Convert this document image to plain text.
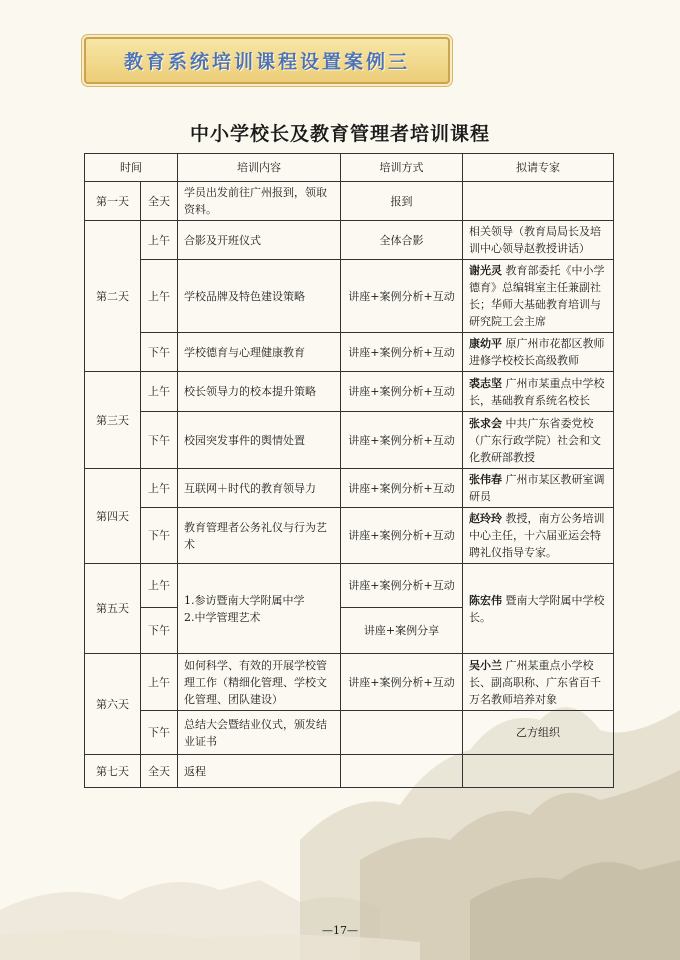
教育系统培训课程设置案例三
中小学校长及教育管理者培训课程
时间		培训内容	培训方式	拟请专家
第一天	全天	学员出发前往广州报到，领取资料。	报到	
第二天	上午	合影及开班仪式	全体合影	相关领导（教育局局长及培训中心领导赵教授讲话）
	上午	学校品牌及特色建设策略	讲座+案例分析+互动	谢光灵 教育部委托《中小学德育》总编辑室主任兼副社长；华师大基础教育培训与研究院工会主席
	下午	学校德育与心理健康教育	讲座+案例分析+互动	康幼平 原广州市花都区教师进修学校校长高级教师
第三天	上午	校长领导力的校本提升策略	讲座+案例分析+互动	裘志坚 广州市某重点中学校长，基础教育系统名校长
	下午	校园突发事件的舆情处置	讲座+案例分析+互动	张求会 中共广东省委党校（广东行政学院）社会和文化教研部教授
第四天	上午	互联网＋时代的教育领导力	讲座+案例分析+互动	张伟春 广州市某区教研室调研员
	下午	教育管理者公务礼仪与行为艺术	讲座+案例分析+互动	赵玲玲 教授，南方公务培训中心主任，十六届亚运会特聘礼仪指导专家。
第五天	上午	1.参访暨南大学附属中学
2.中学管理艺术	讲座+案例分析+互动	陈宏伟 暨南大学附属中学校长。
	下午		讲座+案例分享	
第六天	上午	如何科学、有效的开展学校管理工作（精细化管理、学校文化管理、团队建设）	讲座+案例分析+互动	吴小兰 广州某重点小学校长、副高职称、广东省百千万名教师培养对象
	下午	总结大会暨结业仪式，颁发结业证书		乙方组织
第七天	全天	返程		
—17—
